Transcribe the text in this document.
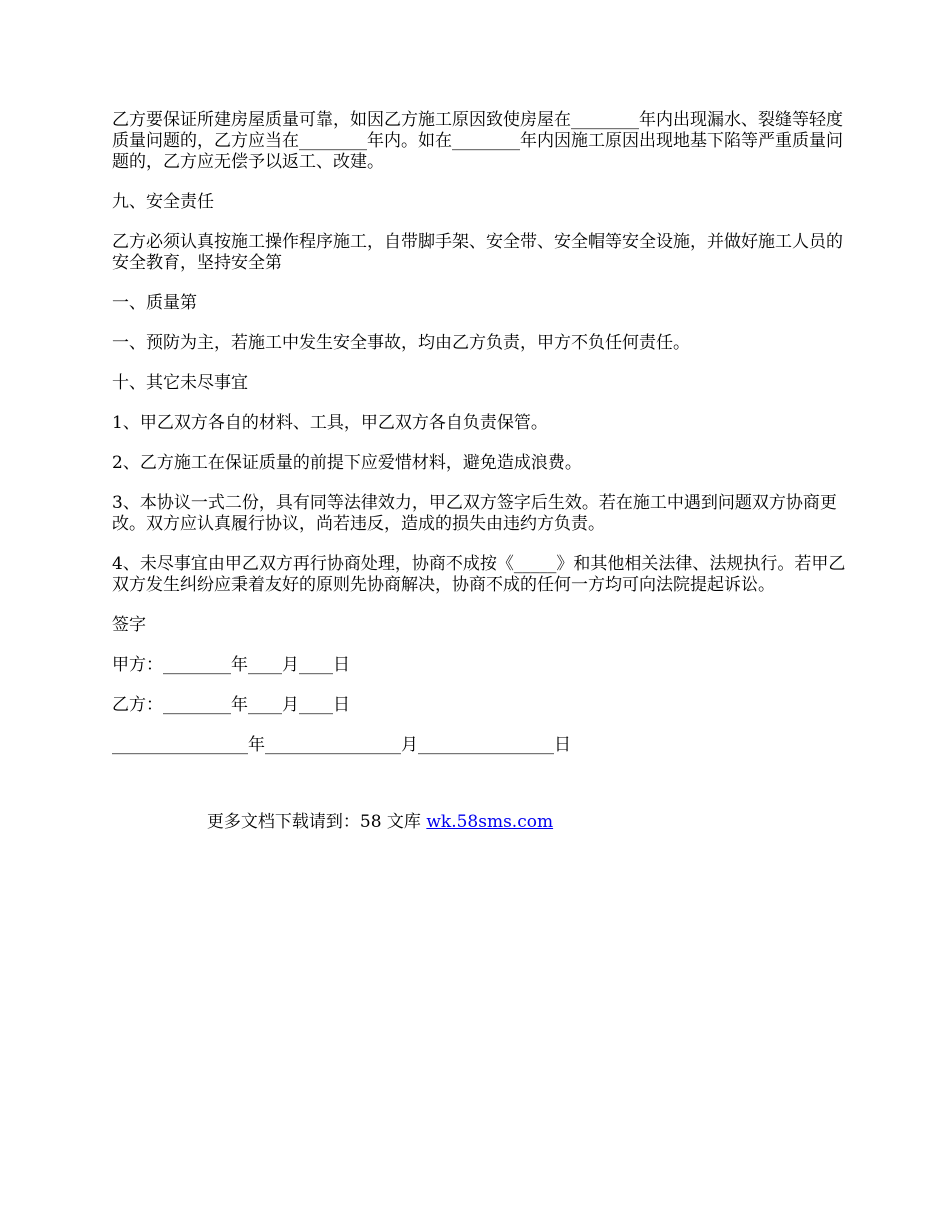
乙方要保证所建房屋质量可靠，如因乙方施工原因致使房屋在________年内出现漏水、裂缝等轻度质量问题的，乙方应当在________年内。如在________年内因施工原因出现地基下陷等严重质量问题的，乙方应无偿予以返工、改建。

九、安全责任

乙方必须认真按施工操作程序施工，自带脚手架、安全带、安全帽等安全设施，并做好施工人员的安全教育，坚持安全第

一、质量第

一、预防为主，若施工中发生安全事故，均由乙方负责，甲方不负任何责任。

十、其它未尽事宜

1、甲乙双方各自的材料、工具，甲乙双方各自负责保管。

2、乙方施工在保证质量的前提下应爱惜材料，避免造成浪费。

3、本协议一式二份，具有同等法律效力，甲乙双方签字后生效。若在施工中遇到问题双方协商更改。双方应认真履行协议，尚若违反，造成的损失由违约方负责。

4、未尽事宜由甲乙双方再行协商处理，协商不成按《_____》和其他相关法律、法规执行。若甲乙双方发生纠纷应秉着友好的原则先协商解决，协商不成的任何一方均可向法院提起诉讼。

签字

甲方：________年____月____日

乙方：________年____月____日

________________年________________月________________日

更多文档下载请到：58 文库 wk.58sms.com
